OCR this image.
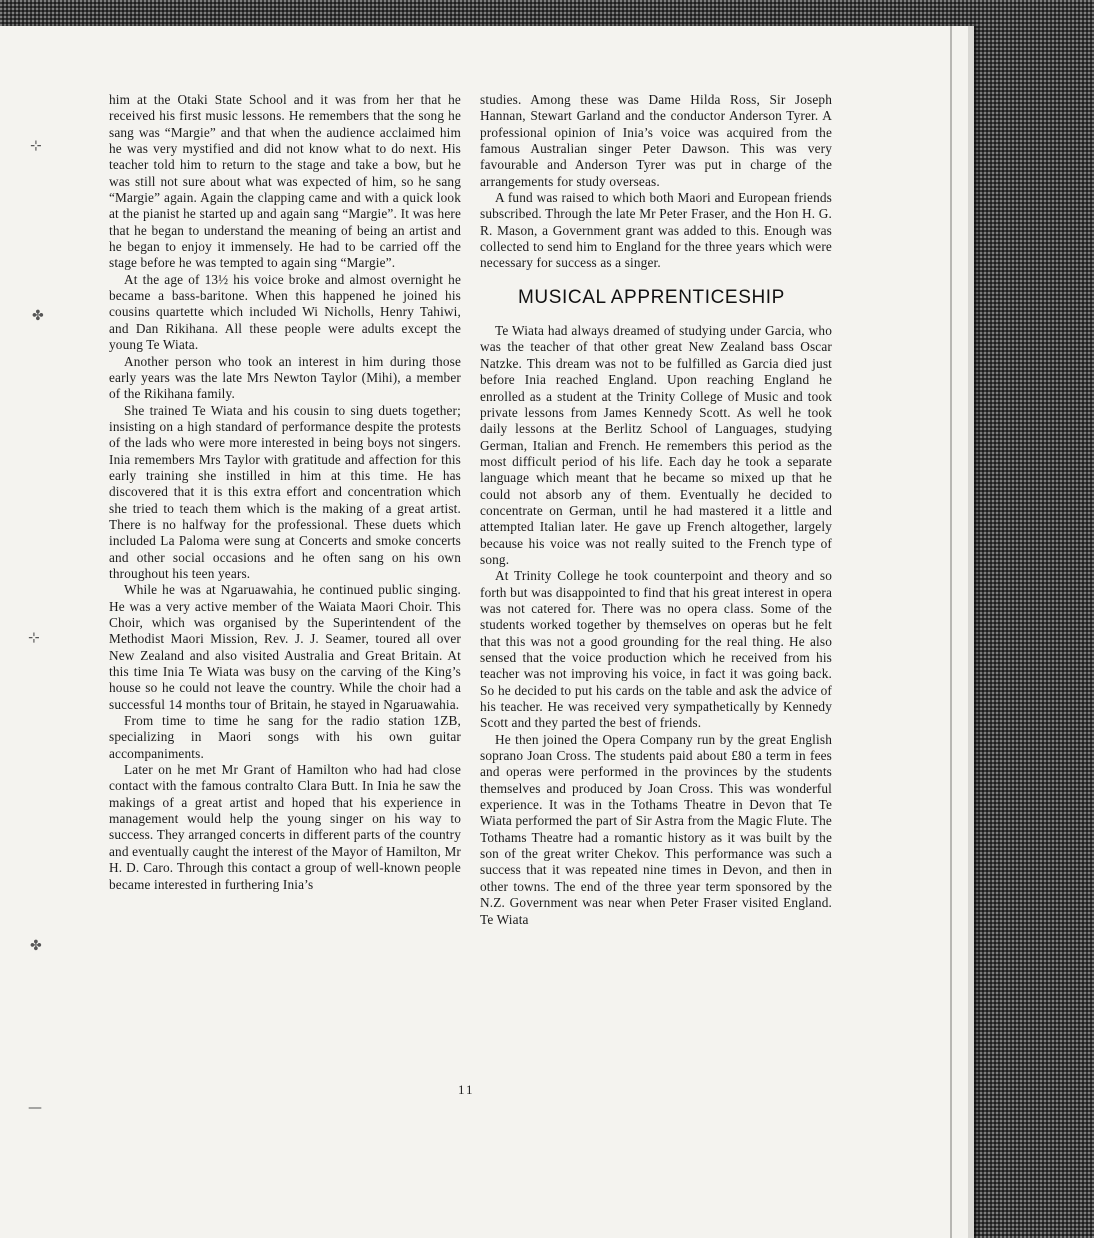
⊹
✤
⊹
✤
—

him at the Otaki State School and it was from her that he received his first music lessons. He remembers that the song he sang was “Margie” and that when the audience acclaimed him he was very mystified and did not know what to do next. His teacher told him to return to the stage and take a bow, but he was still not sure about what was expected of him, so he sang “Margie” again. Again the clapping came and with a quick look at the pianist he started up and again sang “Margie”. It was here that he began to understand the meaning of being an artist and he began to enjoy it immensely. He had to be carried off the stage before he was tempted to again sing “Margie”.

At the age of 13½ his voice broke and almost overnight he became a bass-baritone. When this happened he joined his cousins quartette which included Wi Nicholls, Henry Tahiwi, and Dan Rikihana. All these people were adults except the young Te Wiata.

Another person who took an interest in him during those early years was the late Mrs Newton Taylor (Mihi), a member of the Rikihana family.

She trained Te Wiata and his cousin to sing duets together; insisting on a high standard of performance despite the protests of the lads who were more interested in being boys not singers. Inia remembers Mrs Taylor with gratitude and affection for this early training she instilled in him at this time. He has discovered that it is this extra effort and concentration which she tried to teach them which is the making of a great artist. There is no halfway for the professional. These duets which included La Paloma were sung at Concerts and smoke concerts and other social occasions and he often sang on his own throughout his teen years.

While he was at Ngaruawahia, he continued public singing. He was a very active member of the Waiata Maori Choir. This Choir, which was organised by the Superintendent of the Methodist Maori Mission, Rev. J. J. Seamer, toured all over New Zealand and also visited Australia and Great Britain. At this time Inia Te Wiata was busy on the carving of the King’s house so he could not leave the country. While the choir had a successful 14 months tour of Britain, he stayed in Ngaruawahia.

From time to time he sang for the radio station 1ZB, specializing in Maori songs with his own guitar accompaniments.

Later on he met Mr Grant of Hamilton who had had close contact with the famous contralto Clara Butt. In Inia he saw the makings of a great artist and hoped that his experience in management would help the young singer on his way to success. They arranged concerts in different parts of the country and eventually caught the interest of the Mayor of Hamilton, Mr H. D. Caro. Through this contact a group of well-known people became interested in furthering Inia’s

studies. Among these was Dame Hilda Ross, Sir Joseph Hannan, Stewart Garland and the conductor Anderson Tyrer. A professional opinion of Inia’s voice was acquired from the famous Australian singer Peter Dawson. This was very favourable and Anderson Tyrer was put in charge of the arrangements for study overseas.

A fund was raised to which both Maori and European friends subscribed. Through the late Mr Peter Fraser, and the Hon H. G. R. Mason, a Government grant was added to this. Enough was collected to send him to England for the three years which were necessary for success as a singer.

MUSICAL APPRENTICESHIP

Te Wiata had always dreamed of studying under Garcia, who was the teacher of that other great New Zealand bass Oscar Natzke. This dream was not to be fulfilled as Garcia died just before Inia reached England. Upon reaching England he enrolled as a student at the Trinity College of Music and took private lessons from James Kennedy Scott. As well he took daily lessons at the Berlitz School of Languages, studying German, Italian and French. He remembers this period as the most difficult period of his life. Each day he took a separate language which meant that he became so mixed up that he could not absorb any of them. Eventually he decided to concentrate on German, until he had mastered it a little and attempted Italian later. He gave up French altogether, largely because his voice was not really suited to the French type of song.

At Trinity College he took counterpoint and theory and so forth but was disappointed to find that his great interest in opera was not catered for. There was no opera class. Some of the students worked together by themselves on operas but he felt that this was not a good grounding for the real thing. He also sensed that the voice production which he received from his teacher was not improving his voice, in fact it was going back. So he decided to put his cards on the table and ask the advice of his teacher. He was received very sympathetically by Kennedy Scott and they parted the best of friends.

He then joined the Opera Company run by the great English soprano Joan Cross. The students paid about £80 a term in fees and operas were performed in the provinces by the students themselves and produced by Joan Cross. This was wonderful experience. It was in the Tothams Theatre in Devon that Te Wiata performed the part of Sir Astra from the Magic Flute. The Tothams Theatre had a romantic history as it was built by the son of the great writer Chekov. This performance was such a success that it was repeated nine times in Devon, and then in other towns. The end of the three year term sponsored by the N.Z. Government was near when Peter Fraser visited England. Te Wiata

11
